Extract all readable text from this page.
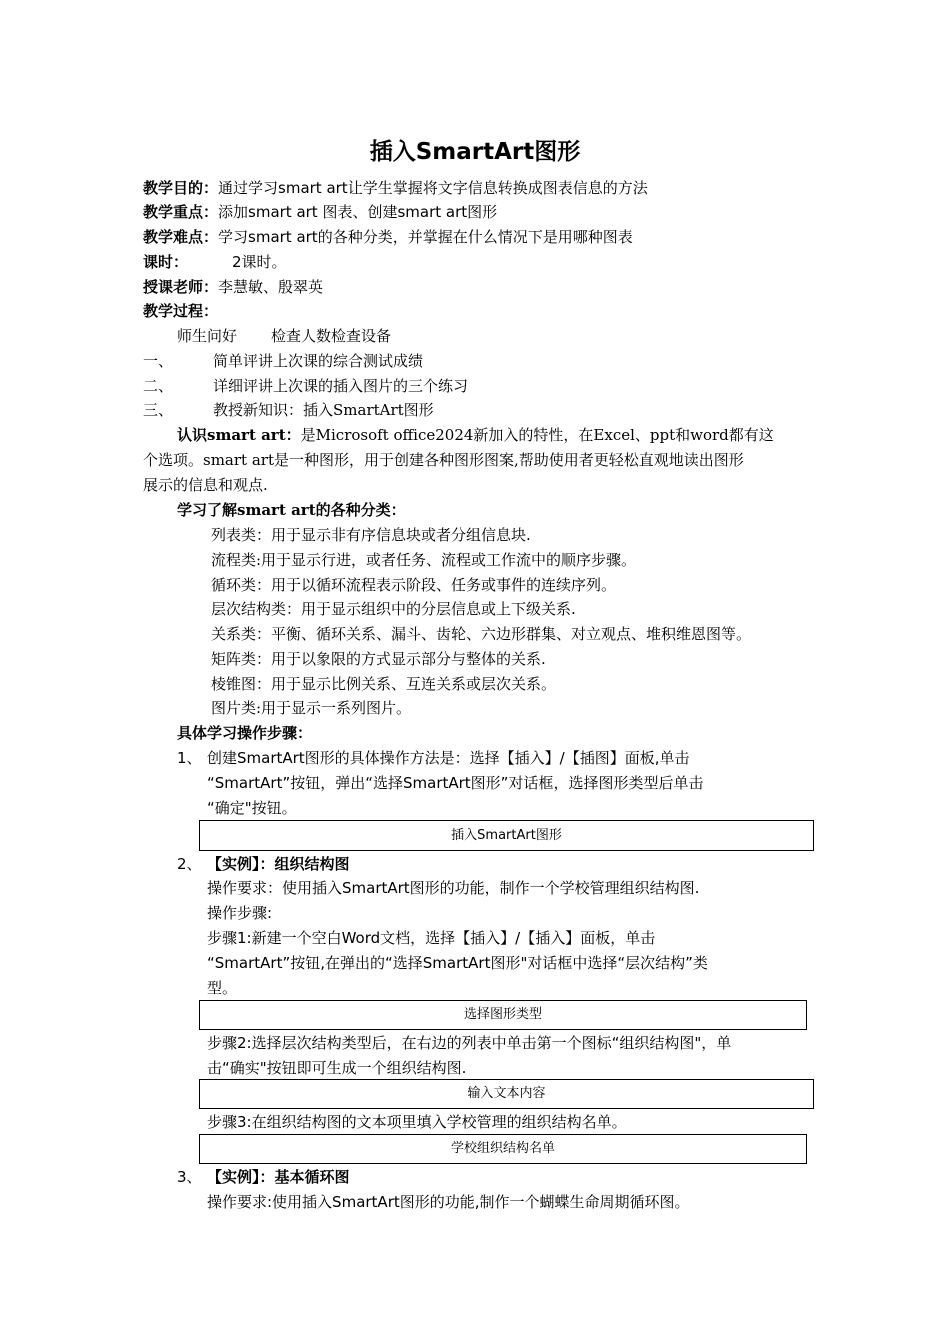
插入SmartArt图形
教学目的：通过学习smart art让学生掌握将文字信息转换成图表信息的方法
教学重点：添加smart art 图表、创建smart art图形
教学难点：学习smart art的各种分类，并掌握在什么情况下是用哪种图表
课时：	2课时。
授课老师：李慧敏、殷翠英
教学过程：
师生问好 检查人数检查设备
一、	简单评讲上次课的综合测试成绩
二、	详细评讲上次课的插入图片的三个练习
三、	教授新知识：插入SmartArt图形
认识smart art：是Microsoft office2024新加入的特性，在Excel、ppt和word都有这
个选项。smart art是一种图形，用于创建各种图形图案,帮助使用者更轻松直观地读出图形
展示的信息和观点.
学习了解smart art的各种分类：
列表类：用于显示非有序信息块或者分组信息块.
流程类:用于显示行进，或者任务、流程或工作流中的顺序步骤。
循环类：用于以循环流程表示阶段、任务或事件的连续序列。
层次结构类：用于显示组织中的分层信息或上下级关系.
关系类：平衡、循环关系、漏斗、齿轮、六边形群集、对立观点、堆积维恩图等。
矩阵类：用于以象限的方式显示部分与整体的关系.
棱锥图：用于显示比例关系、互连关系或层次关系。
图片类:用于显示一系列图片。
具体学习操作步骤：
1、 创建SmartArt图形的具体操作方法是：选择【插入】/【插图】面板,单击
“SmartArt”按钮，弹出“选择SmartArt图形”对话框，选择图形类型后单击
“确定"按钮。
插入SmartArt图形
2、 【实例】：组织结构图
操作要求：使用插入SmartArt图形的功能，制作一个学校管理组织结构图.
操作步骤:
步骤1:新建一个空白Word文档，选择【插入】/【插入】面板，单击
“SmartArt”按钮,在弹出的“选择SmartArt图形"对话框中选择“层次结构”类
型。
选择图形类型
步骤2:选择层次结构类型后，在右边的列表中单击第一个图标“组织结构图"，单
击“确实"按钮即可生成一个组织结构图.
输入文本内容
步骤3:在组织结构图的文本项里填入学校管理的组织结构名单。
学校组织结构名单
3、 【实例】：基本循环图
操作要求:使用插入SmartArt图形的功能,制作一个蝴蝶生命周期循环图。
